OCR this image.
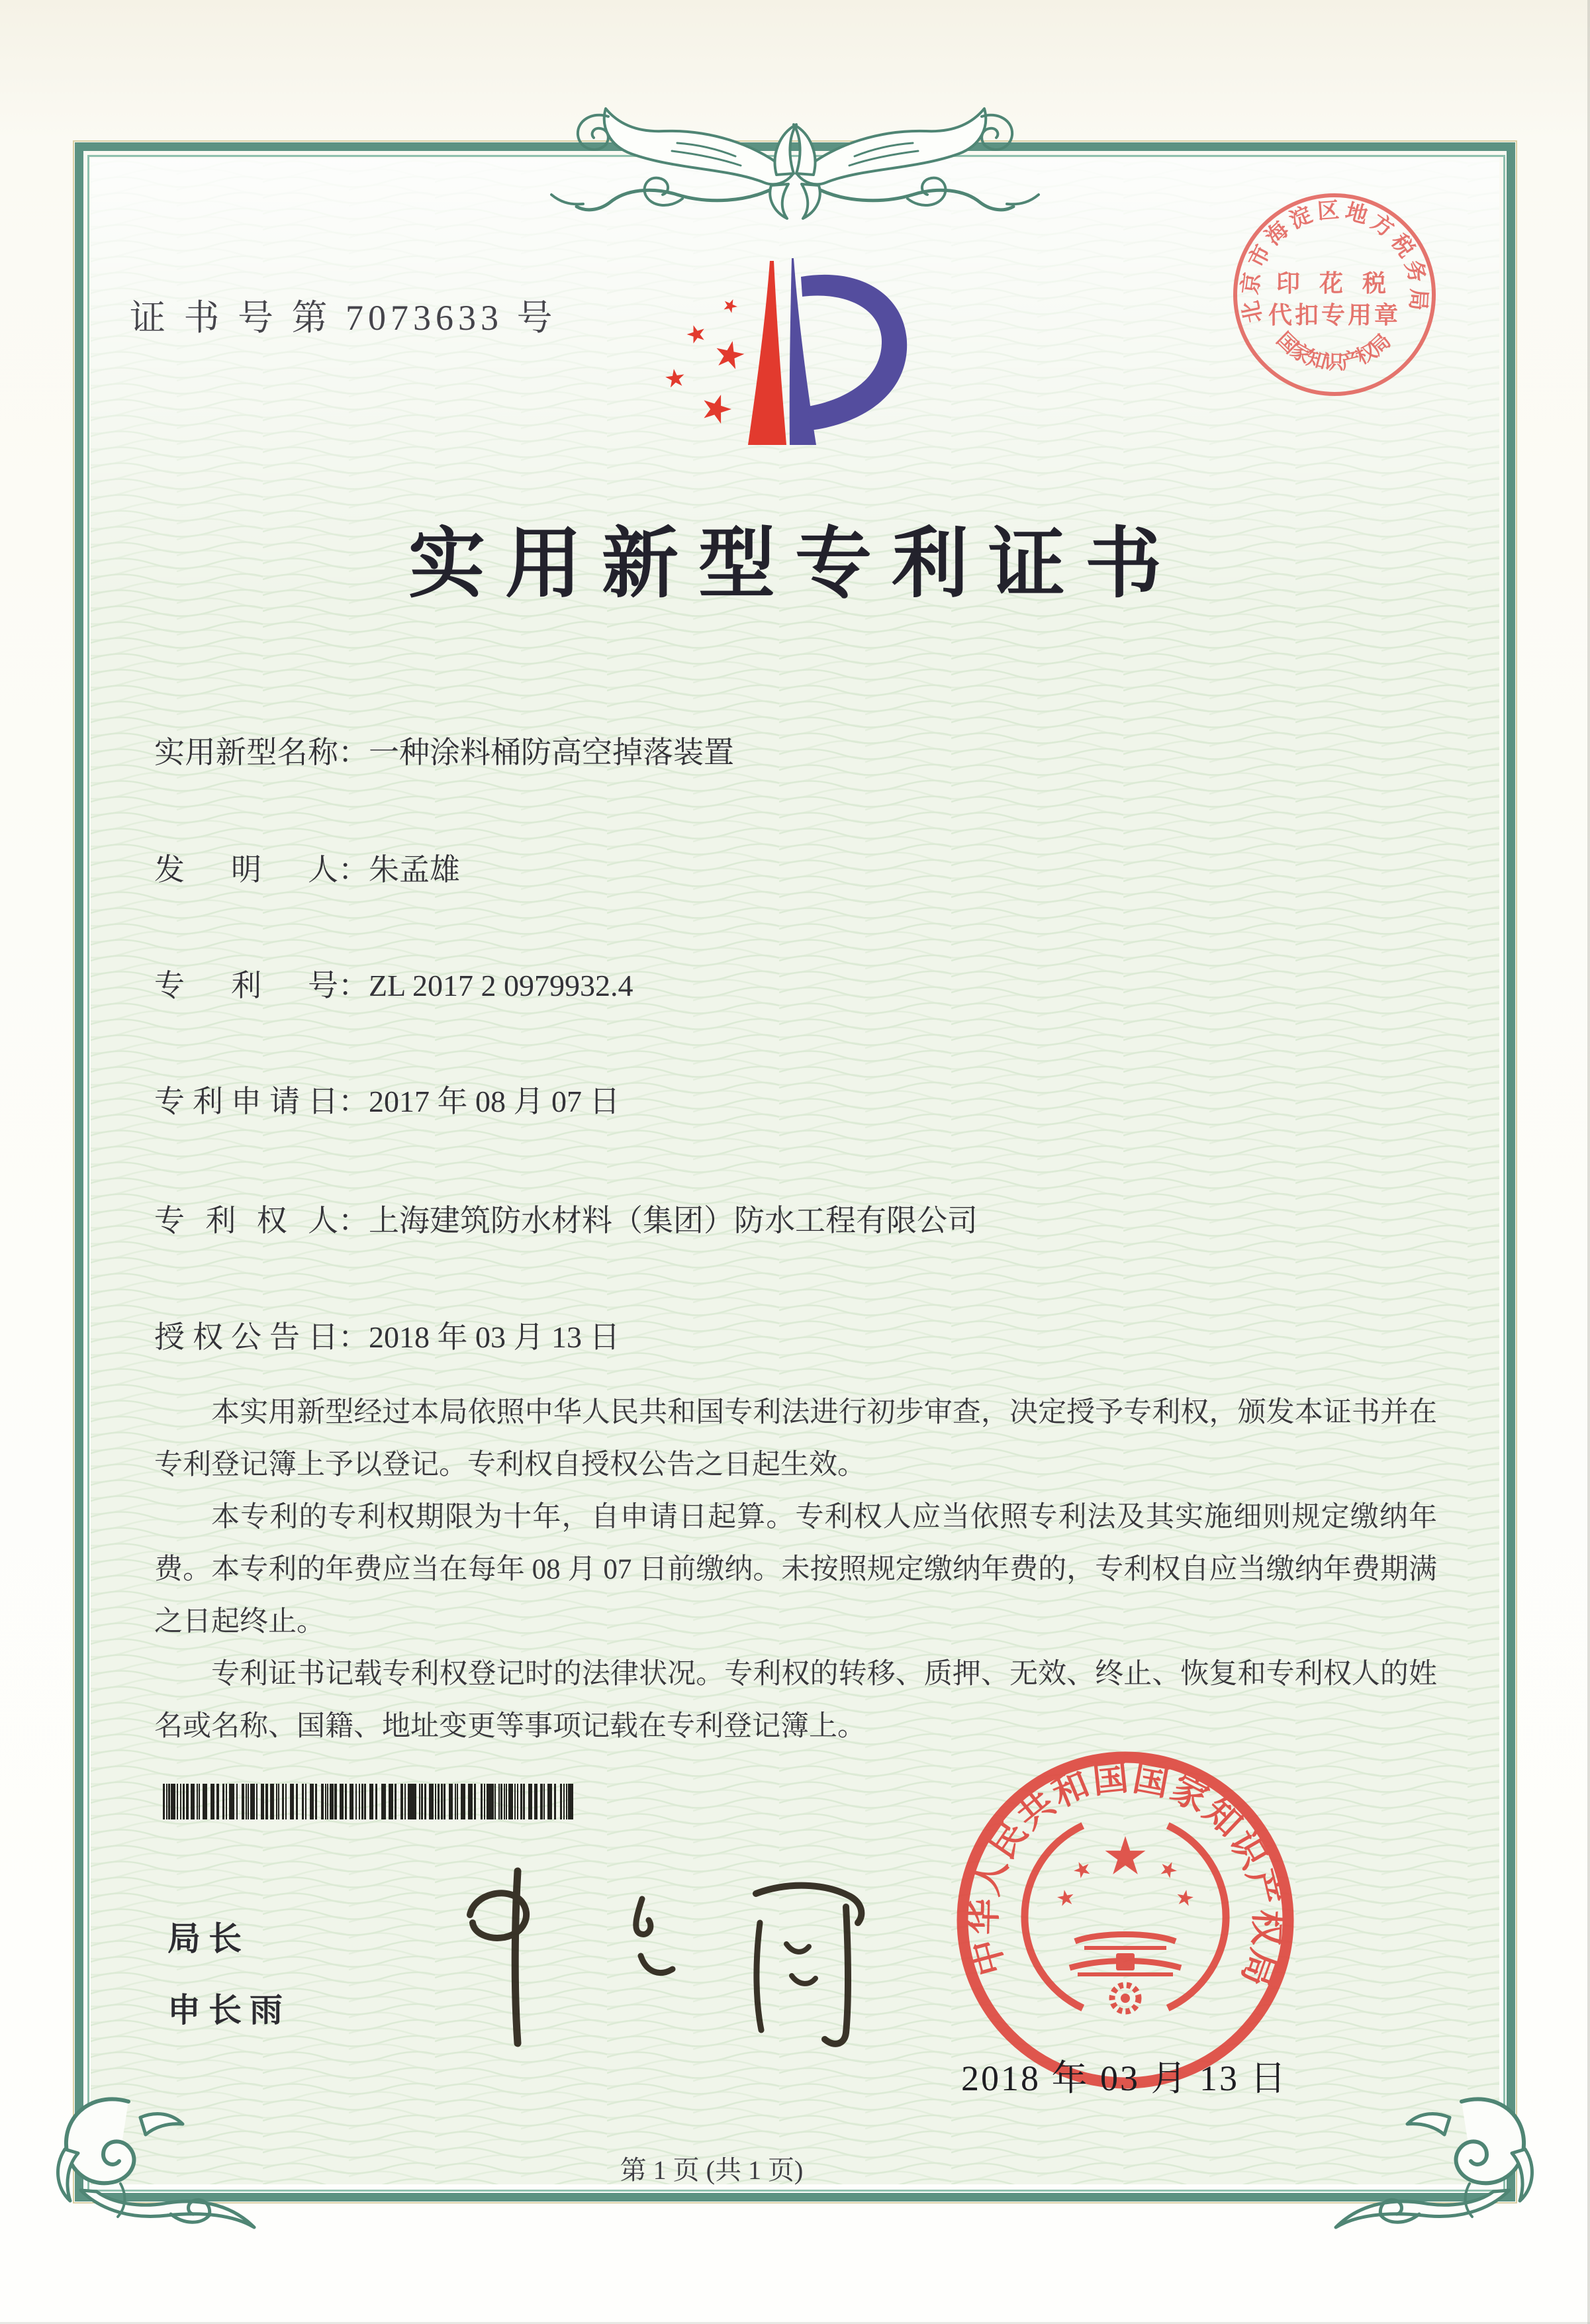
证 书 号 第 7073633 号	北京市海淀区地方税务局
印 花 税
代扣专用章
国家知识产权局
实用新型专利证书
实用新型名称：一种涂料桶防高空掉落装置
发明人：朱孟雄
专利号：ZL 2017 2 0979932.4
专利申请日：2017 年 08 月 07 日
专利权人：上海建筑防水材料（集团）防水工程有限公司
授权公告日：2018 年 03 月 13 日

本实用新型经过本局依照中华人民共和国专利法进行初步审查，决定授予专利权，颁发本证书并在专利登记簿上予以登记。专利权自授权公告之日起生效。

本专利的专利权期限为十年，自申请日起算。专利权人应当依照专利法及其实施细则规定缴纳年费。本专利的年费应当在每年 08 月 07 日前缴纳。未按照规定缴纳年费的，专利权自应当缴纳年费期满之日起终止。

专利证书记载专利权登记时的法律状况。专利权的转移、质押、无效、终止、恢复和专利权人的姓名或名称、国籍、地址变更等事项记载在专利登记簿上。

局长
申长雨
中华人民共和国国家知识产权局
2018 年 03 月 13 日
第 1 页 (共 1 页)
